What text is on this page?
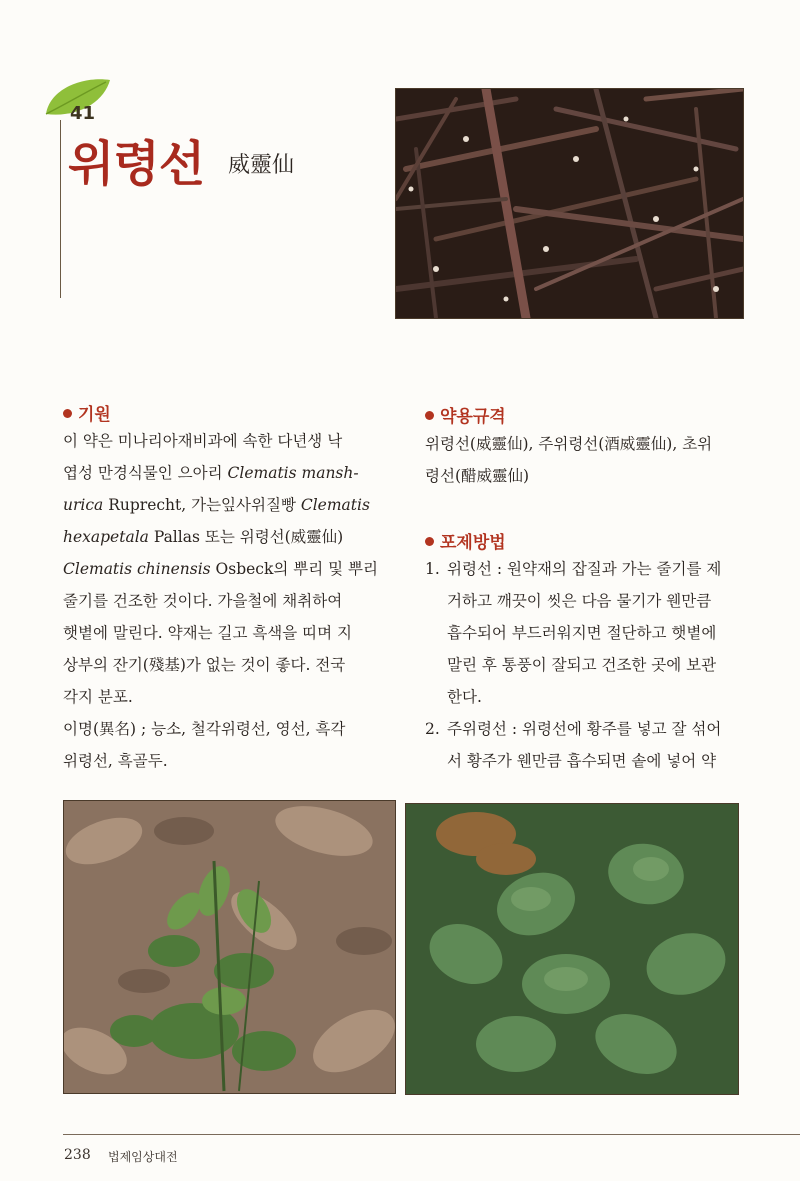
41
위령선 威靈仙
기원
이 약은 미나리아재비과에 속한 다년생 낙
엽성 만경식물인 으아리 Clematis mansh-
urica Ruprecht, 가는잎사위질빵 Clematis
hexapetala Pallas 또는 위령선(威靈仙)
Clematis chinensis Osbeck의 뿌리 및 뿌리
줄기를 건조한 것이다. 가을철에 채취하여
햇볕에 말린다. 약재는 길고 흑색을 띠며 지
상부의 잔기(殘基)가 없는 것이 좋다. 전국
각지 분포.
이명(異名) ; 능소, 철각위령선, 영선, 흑각
위령선, 흑골두.
약용규격
위령선(威靈仙), 주위령선(酒威靈仙), 초위
령선(醋威靈仙)
포제방법
1. 위령선 : 원약재의 잡질과 가는 줄기를 제
거하고 깨끗이 씻은 다음 물기가 웬만큼
흡수되어 부드러워지면 절단하고 햇볕에
말린 후 통풍이 잘되고 건조한 곳에 보관
한다.
2. 주위령선 : 위령선에 황주를 넣고 잘 섞어
서 황주가 웬만큼 흡수되면 솥에 넣어 약
238 법제임상대전
